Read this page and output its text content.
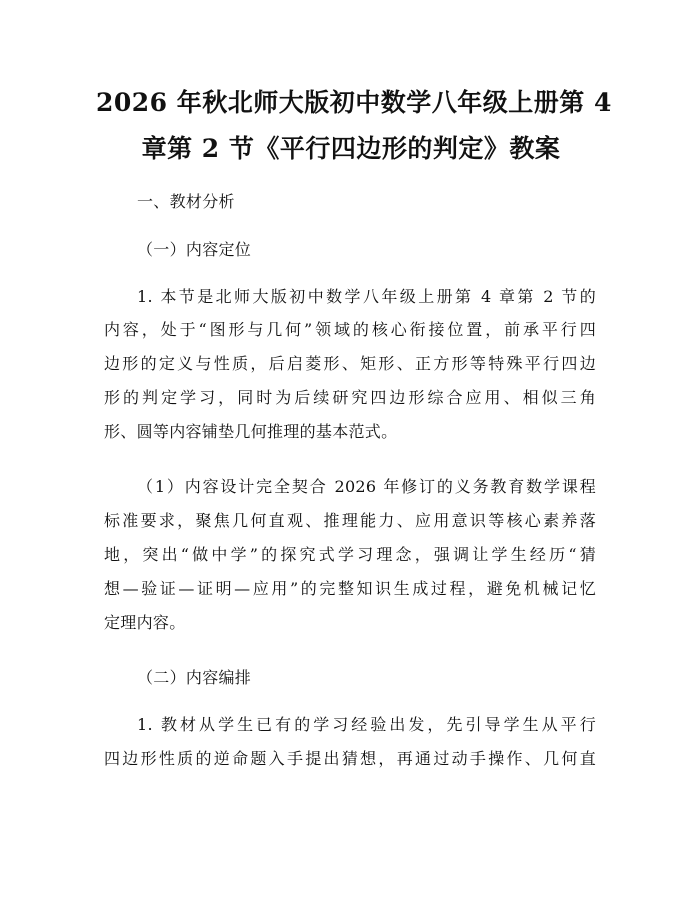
2026 年秋北师大版初中数学八年级上册第 4
章第 2 节《平行四边形的判定》教案

一、教材分析

（一）内容定位

1. 本节是北师大版初中数学八年级上册第 4 章第 2 节的

内容，处于“图形与几何”领域的核心衔接位置，前承平行四

边形的定义与性质，后启菱形、矩形、正方形等特殊平行四边

形的判定学习，同时为后续研究四边形综合应用、相似三角

形、圆等内容铺垫几何推理的基本范式。

（1）内容设计完全契合 2026 年修订的义务教育数学课程

标准要求，聚焦几何直观、推理能力、应用意识等核心素养落

地，突出“做中学”的探究式学习理念，强调让学生经历“猜

想—验证—证明—应用”的完整知识生成过程，避免机械记忆

定理内容。

（二）内容编排

1. 教材从学生已有的学习经验出发，先引导学生从平行

四边形性质的逆命题入手提出猜想，再通过动手操作、几何直
